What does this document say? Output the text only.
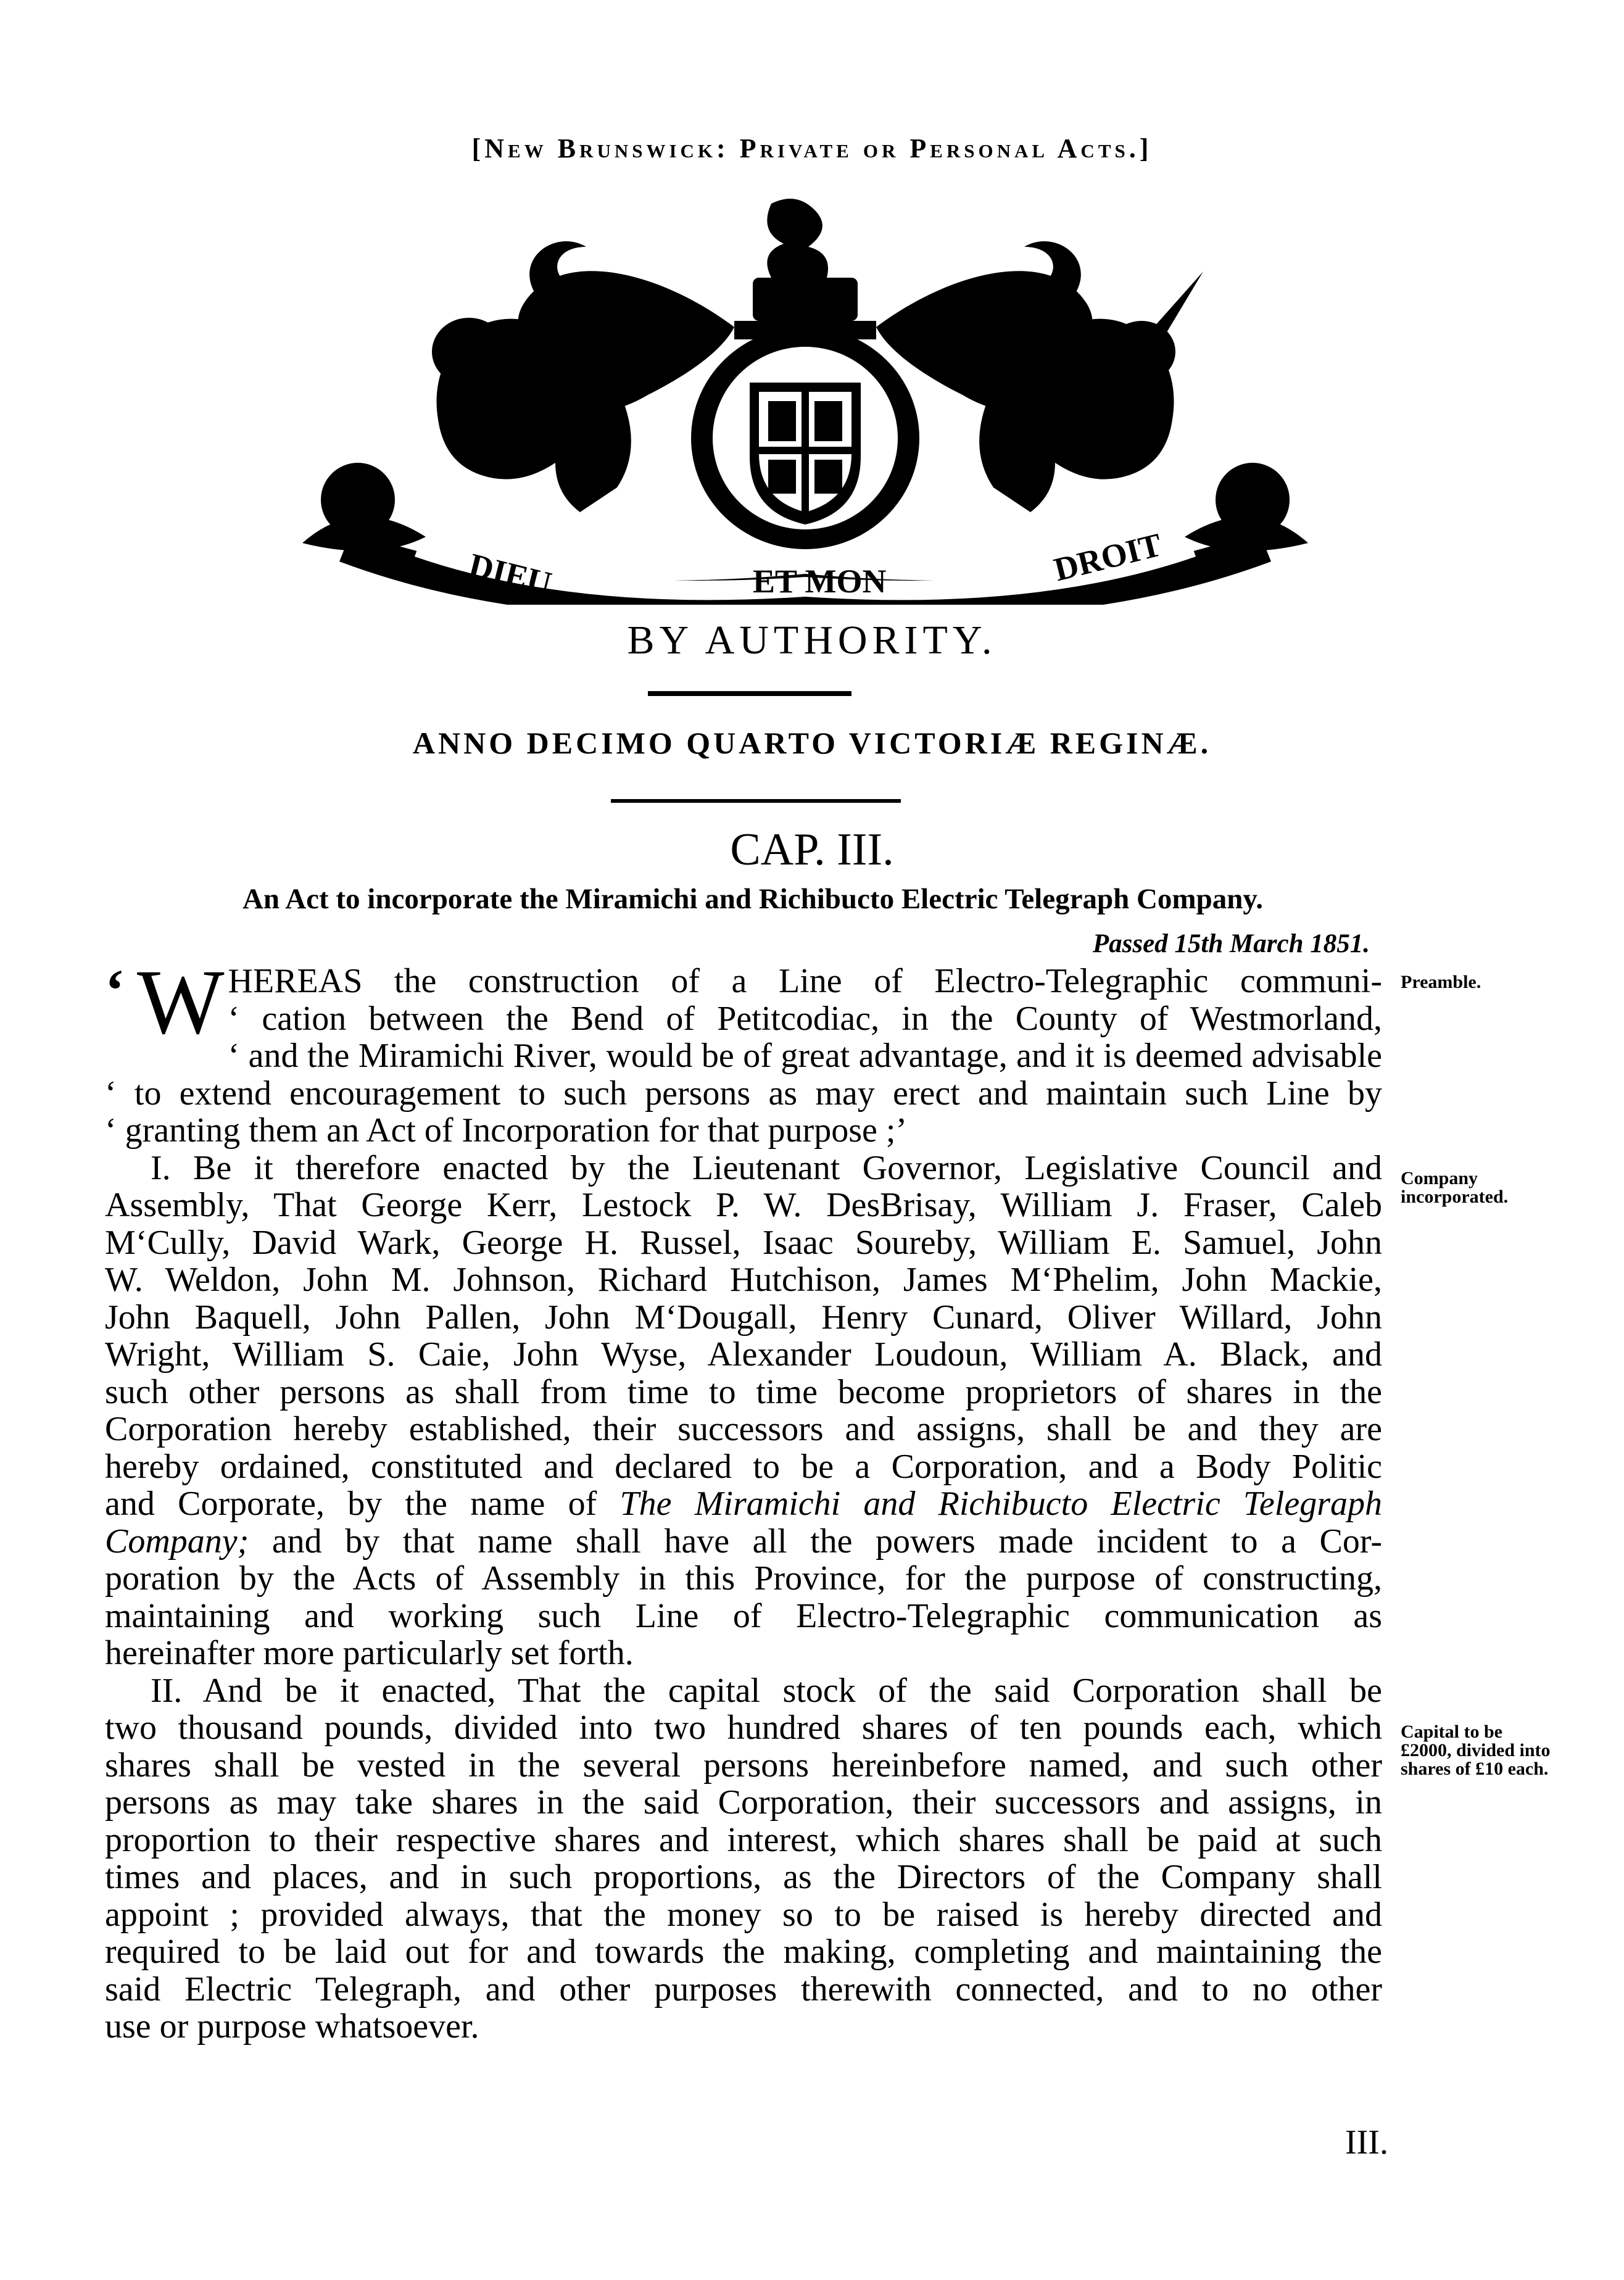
[New Brunswick: Private or Personal Acts.]
DIEU	ET MON	DROIT
BY AUTHORITY.
ANNO DECIMO QUARTO VICTORIÆ REGINÆ.
CAP. III.
An Act to incorporate the Miramichi and Richibucto Electric Telegraph Company.
Passed 15th March 1851.
‘ W HEREAS the construction of a Line of Electro-Telegraphic communi-
‘ cation between the Bend of Petitcodiac, in the County of Westmorland,
‘ and the Miramichi River, would be of great advantage, and it is deemed advisable
‘ to extend encouragement to such persons as may erect and maintain such Line by
‘ granting them an Act of Incorporation for that purpose ;’
I. Be it therefore enacted by the Lieutenant Governor, Legislative Council and
Assembly, That George Kerr, Lestock P. W. DesBrisay, William J. Fraser, Caleb
M‘Cully, David Wark, George H. Russel, Isaac Soureby, William E. Samuel, John
W. Weldon, John M. Johnson, Richard Hutchison, James M‘Phelim, John Mackie,
John Baquell, John Pallen, John M‘Dougall, Henry Cunard, Oliver Willard, John
Wright, William S. Caie, John Wyse, Alexander Loudoun, William A. Black, and
such other persons as shall from time to time become proprietors of shares in the
Corporation hereby established, their successors and assigns, shall be and they are
hereby ordained, constituted and declared to be a Corporation, and a Body Politic
and Corporate, by the name of The Miramichi and Richibucto Electric Telegraph
Company; and by that name shall have all the powers made incident to a Cor-
poration by the Acts of Assembly in this Province, for the purpose of constructing,
maintaining and working such Line of Electro-Telegraphic communication as
hereinafter more particularly set forth.
II. And be it enacted, That the capital stock of the said Corporation shall be
two thousand pounds, divided into two hundred shares of ten pounds each, which
shares shall be vested in the several persons hereinbefore named, and such other
persons as may take shares in the said Corporation, their successors and assigns, in
proportion to their respective shares and interest, which shares shall be paid at such
times and places, and in such proportions, as the Directors of the Company shall
appoint ; provided always, that the money so to be raised is hereby directed and
required to be laid out for and towards the making, completing and maintaining the
said Electric Telegraph, and other purposes therewith connected, and to no other
use or purpose whatsoever.
Preamble.
Company
incorporated.
Capital to be
£2000, divided into
shares of £10 each.
III.
